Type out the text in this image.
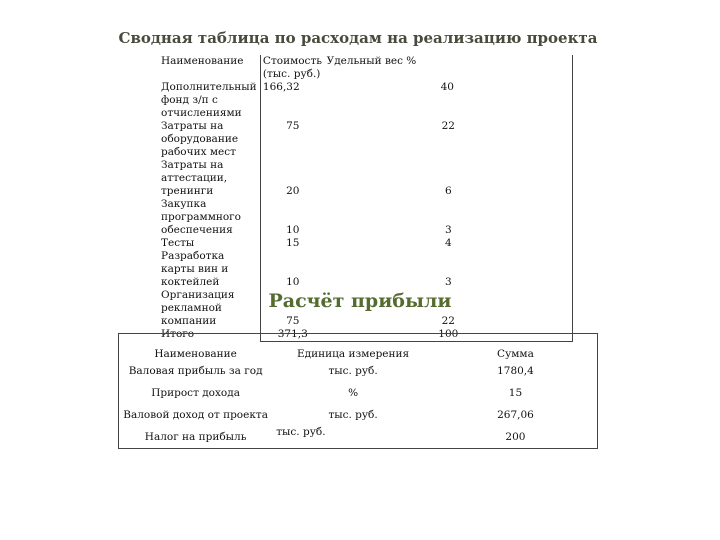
Сводная таблица по расходам на реализацию проекта
Наименование	Стоимость (тыс. руб.)	Удельный вес %
Дополнительный фонд з/п с отчислениями	166,32	40
Затраты на оборудование рабочих мест	75	22
Затраты на аттестации, тренинги	20	6
Закупка программного обеспечения	10	3
Тесты	15	4
Разработка карты вин и коктейлей	10	3
Организация рекламной компании	75	22
Итого	371,3	100
Расчёт прибыли
Наименование	Единица измерения	Сумма
Валовая прибыль за год	тыс. руб.	1780,4
Прирост дохода	%	15
Валовой доход от проекта	тыс. руб.	267,06
Налог на прибыль	тыс. руб.	200
